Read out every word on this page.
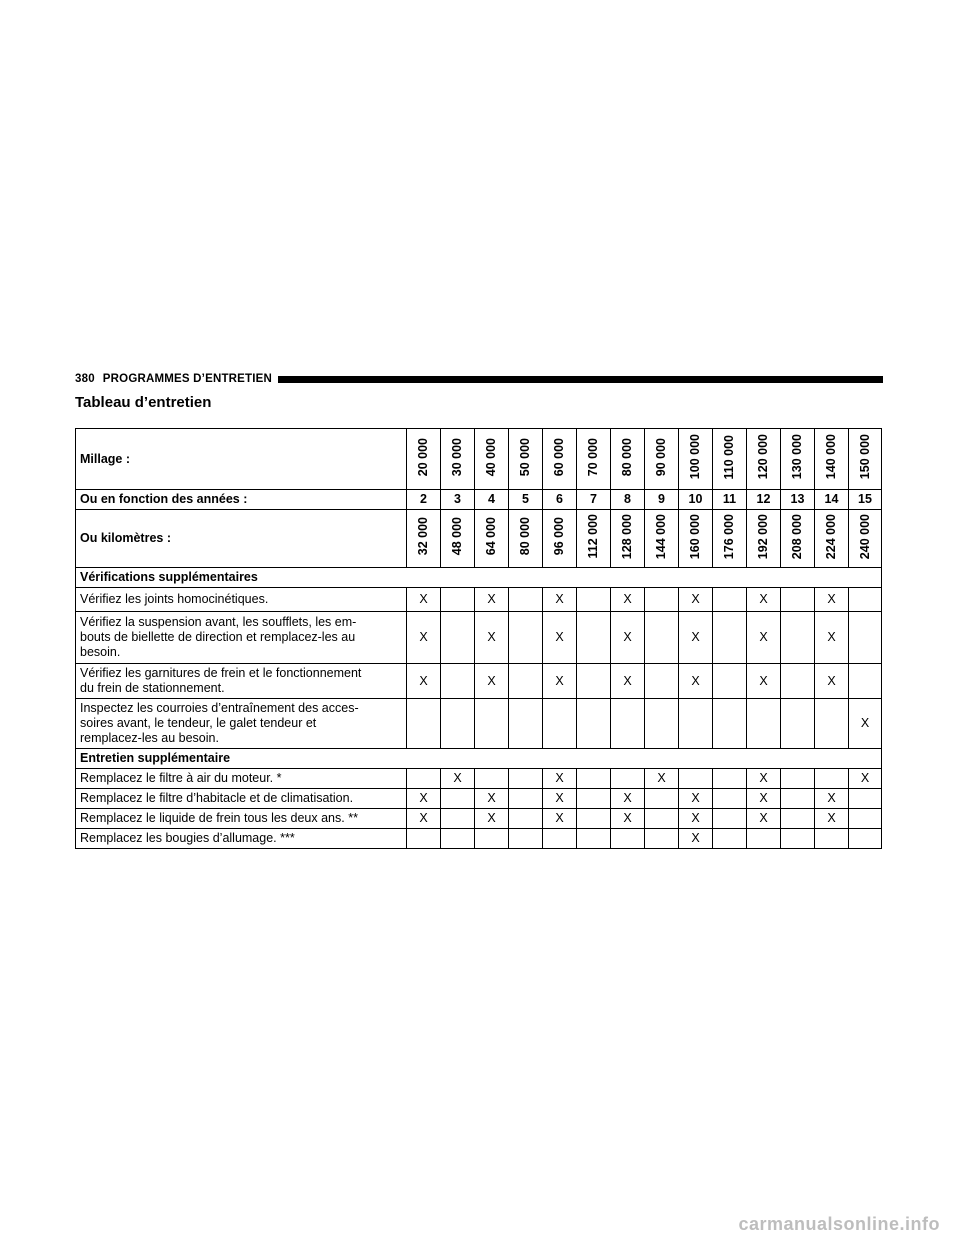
380 PROGRAMMES D’ENTRETIEN
Tableau d’entretien
Millage :	20 000	30 000	40 000	50 000	60 000	70 000	80 000	90 000	100 000	110 000	120 000	130 000	140 000	150 000
Ou en fonction des années :	2	3	4	5	6	7	8	9	10	11	12	13	14	15
Ou kilomètres :	32 000	48 000	64 000	80 000	96 000	112 000	128 000	144 000	160 000	176 000	192 000	208 000	224 000	240 000
Vérifications supplémentaires														
Vérifiez les joints homocinétiques.	X		X		X		X		X		X		X	
Vérifiez la suspension avant, les soufflets, les em-
bouts de biellette de direction et remplacez-les au
besoin.	X		X		X		X		X		X		X	
Vérifiez les garnitures de frein et le fonctionnement
du frein de stationnement.	X		X		X		X		X		X		X	
Inspectez les courroies d’entraînement des acces-
soires avant, le tendeur, le galet tendeur et
remplacez-les au besoin.														X
Entretien supplémentaire														
Remplacez le filtre à air du moteur. *		X			X			X			X			X
Remplacez le filtre d’habitacle et de climatisation.	X		X		X		X		X		X		X	
Remplacez le liquide de frein tous les deux ans. **	X		X		X		X		X		X		X	
Remplacez les bougies d’allumage. ***									X					
carmanualsonline.info
